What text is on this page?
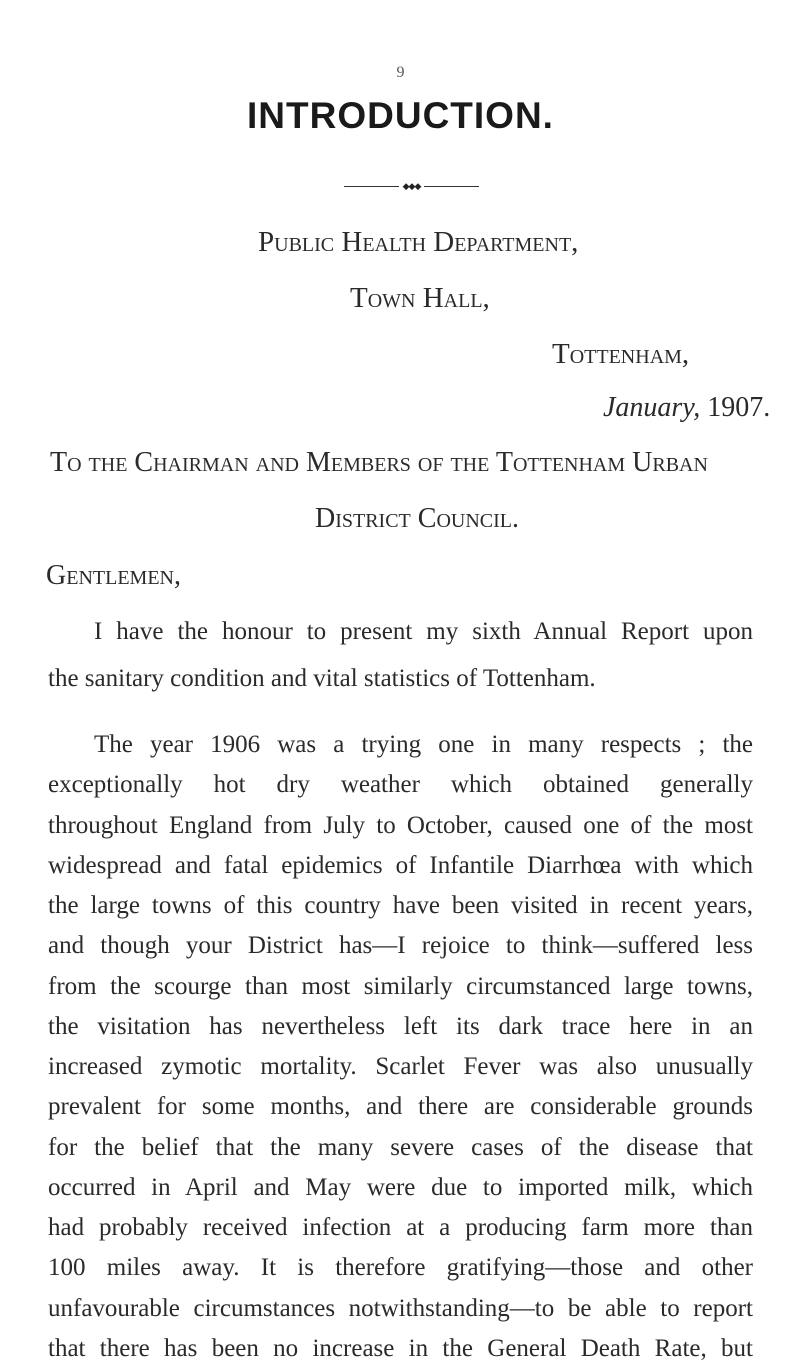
9
INTRODUCTION.
◆◆◆
Public Health Department,
Town Hall,
Tottenham,
January, 1907.
To the Chairman and Members of the Tottenham Urban
District Council.
Gentlemen,
I have the honour to present my sixth Annual Report upon
the sanitary condition and vital statistics of Tottenham.
The year 1906 was a trying one in many respects ; the
exceptionally hot dry weather which obtained generally
throughout England from July to October, caused one of the most
widespread and fatal epidemics of Infantile Diarrhœa with which
the large towns of this country have been visited in recent years,
and though your District has—I rejoice to think—suffered less
from the scourge than most similarly circumstanced large towns,
the visitation has nevertheless left its dark trace here in an
increased zymotic mortality. Scarlet Fever was also unusually
prevalent for some months, and there are considerable grounds
for the belief that the many severe cases of the disease that
occurred in April and May were due to imported milk, which
had probably received infection at a producing farm more than
100 miles away. It is therefore gratifying—those and other
unfavourable circumstances notwithstanding—to be able to report
that there has been no increase in the General Death Rate, but
